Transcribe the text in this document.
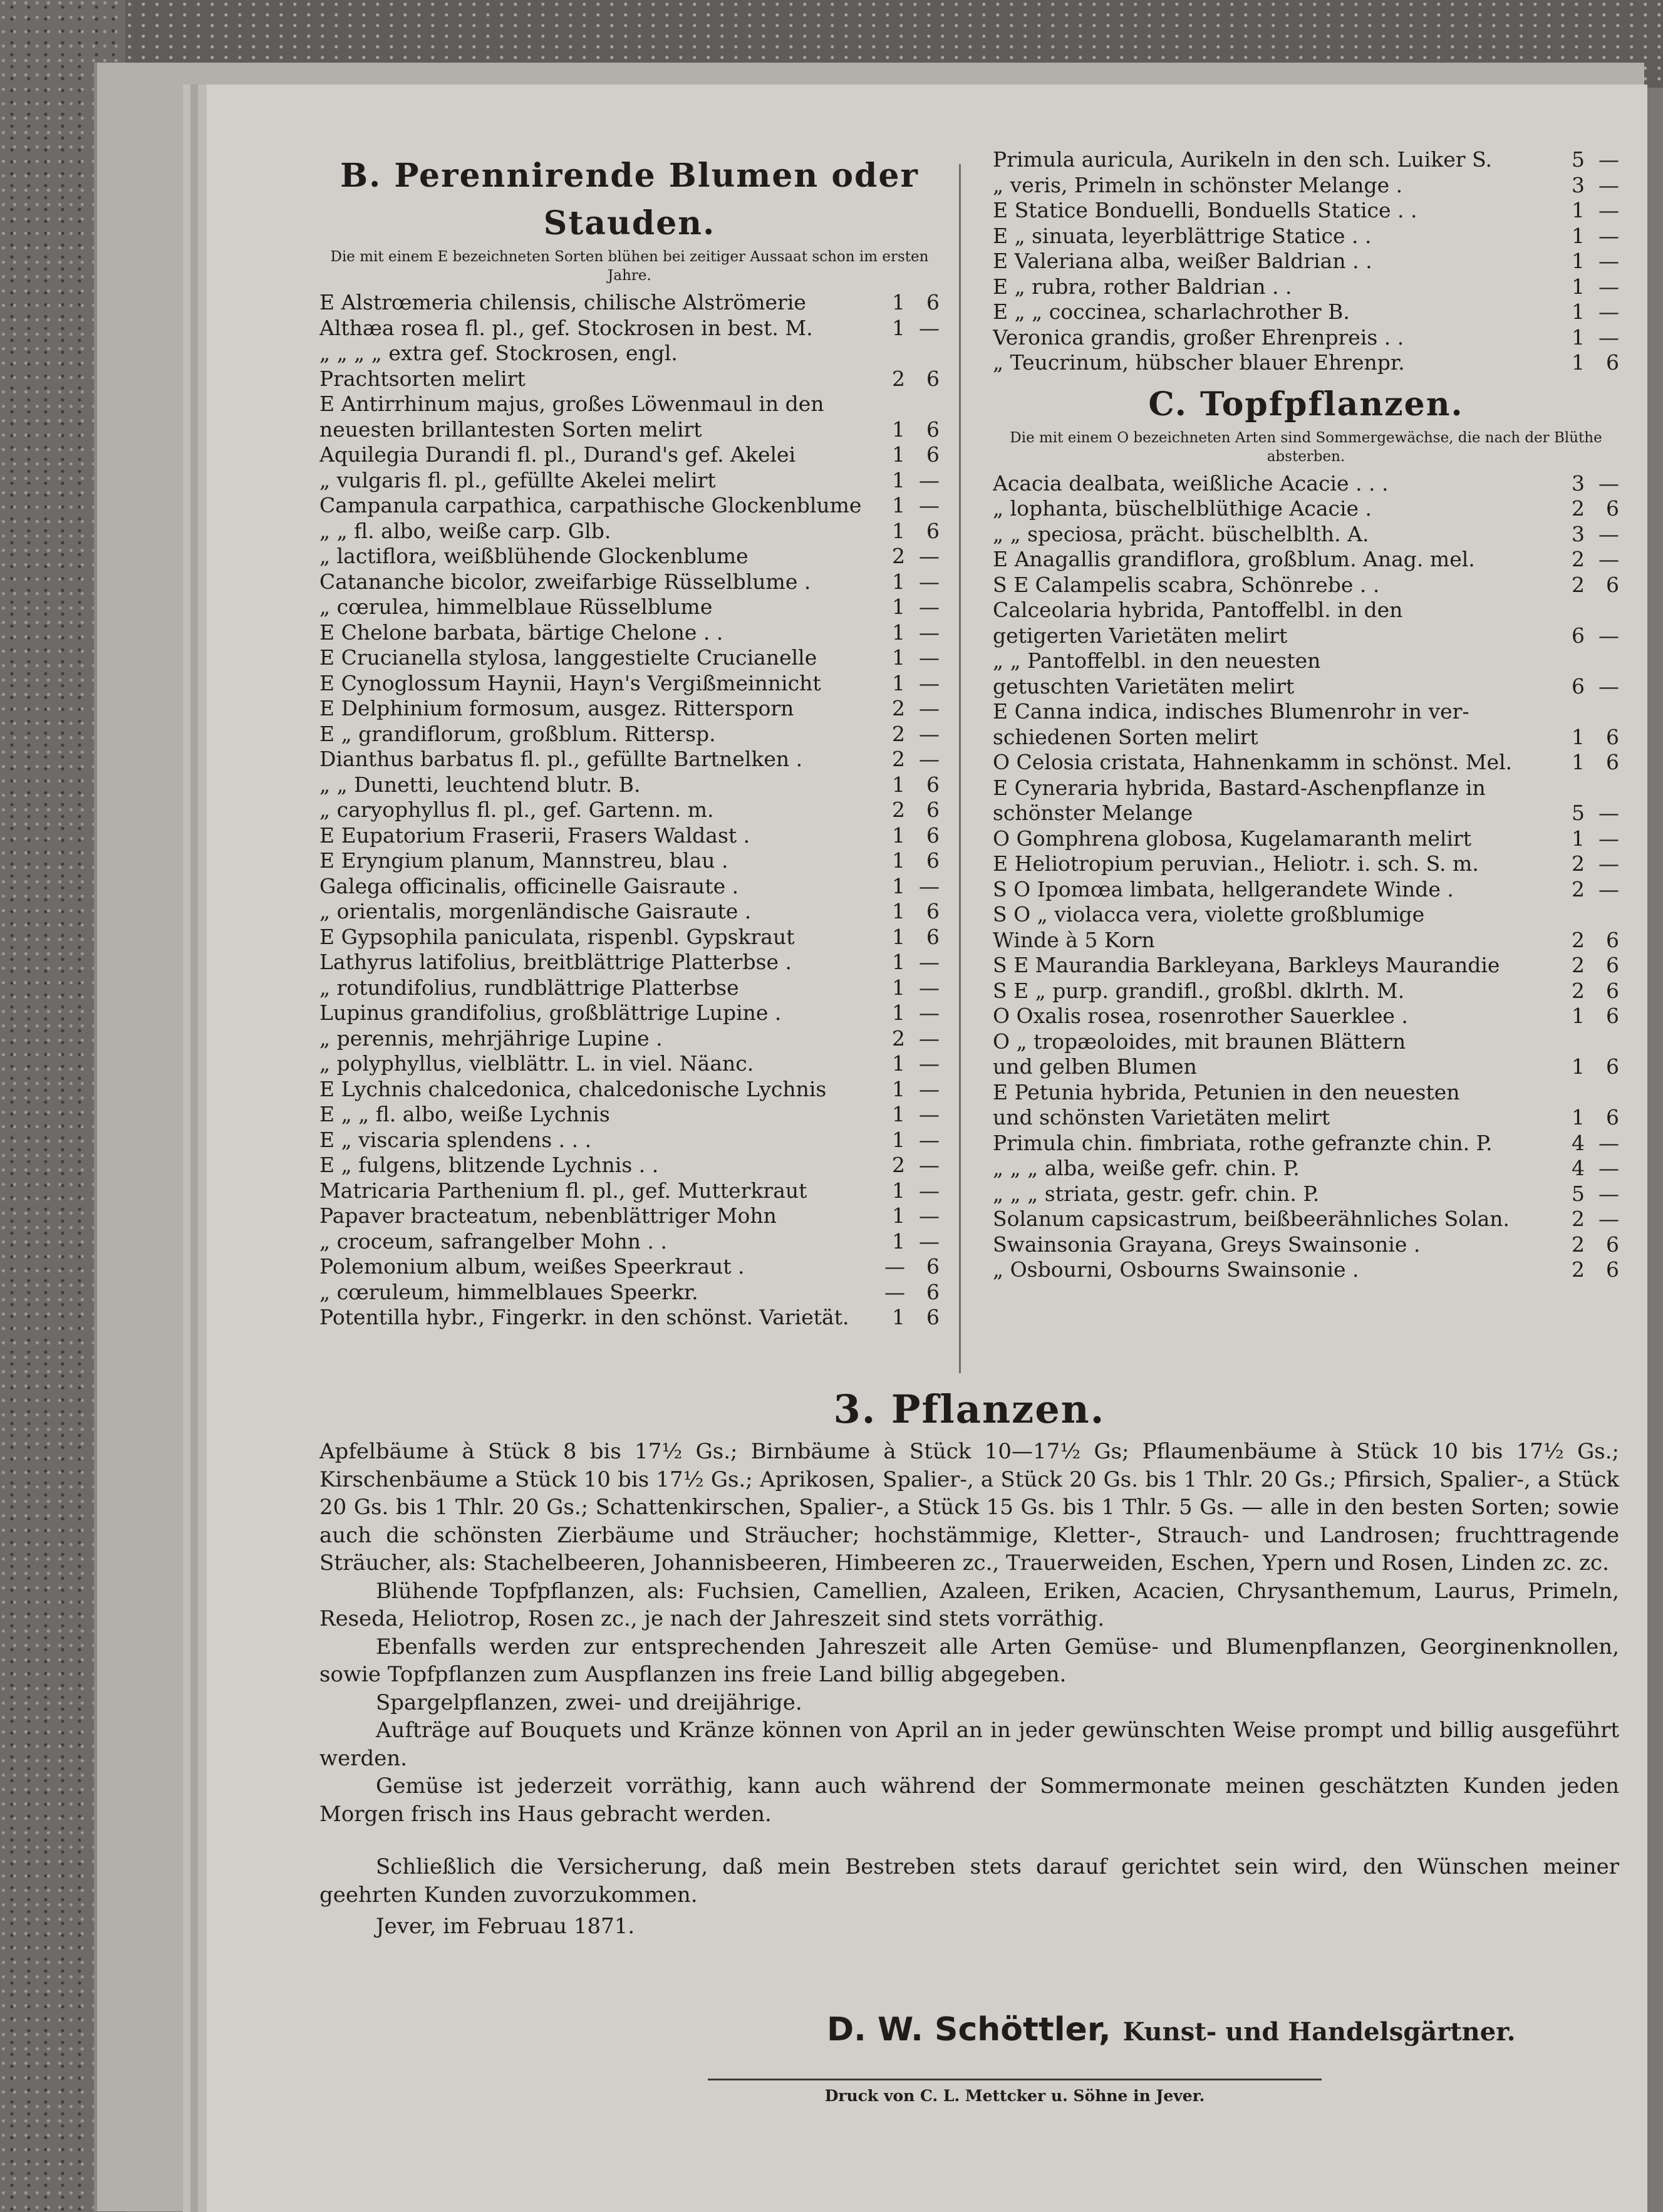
B. Perennirende Blumen oder Stauden.
Die mit einem E bezeichneten Sorten blühen bei zeitiger Aussaat schon im ersten Jahre.
E Alstrœmeria chilensis, chilische Alströmerie	1	6
Althæa rosea fl. pl., gef. Stockrosen in best. M.	1 —
„ „ „ „ extra gef. Stockrosen, engl.
Prachtsorten melirt	2	6
E Antirrhinum majus, großes Löwenmaul in den
neuesten brillantesten Sorten melirt	1	6
Aquilegia Durandi fl. pl., Durand's gef. Akelei	1	6
„ vulgaris fl. pl., gefüllte Akelei melirt	1 —
Campanula carpathica, carpathische Glockenblume	1 —
„ „ fl. albo, weiße carp. Glb.	1	6
„ lactiflora, weißblühende Glockenblume	2 —
Catananche bicolor, zweifarbige Rüsselblume .	1 —
„ cœrulea, himmelblaue Rüsselblume	1 —
E Chelone barbata, bärtige Chelone . .	1 —
E Crucianella stylosa, langgestielte Crucianelle	1 —
E Cynoglossum Haynii, Hayn's Vergißmeinnicht	1 —
E Delphinium formosum, ausgez. Rittersporn	2 —
E „ grandiflorum, großblum. Rittersp.	2 —
Dianthus barbatus fl. pl., gefüllte Bartnelken .	2 —
„ „ Dunetti, leuchtend blutr. B.	1	6
„ caryophyllus fl. pl., gef. Gartenn. m.	2	6
E Eupatorium Fraserii, Frasers Waldast .	1	6
E Eryngium planum, Mannstreu, blau .	1	6
Galega officinalis, officinelle Gaisraute .	1 —
„ orientalis, morgenländische Gaisraute .	1	6
E Gypsophila paniculata, rispenbl. Gypskraut	1	6
Lathyrus latifolius, breitblättrige Platterbse .	1 —
„ rotundifolius, rundblättrige Platterbse	1 —
Lupinus grandifolius, großblättrige Lupine .	1 —
„ perennis, mehrjährige Lupine .	2 —
„ polyphyllus, vielblättr. L. in viel. Näanc.	1 —
E Lychnis chalcedonica, chalcedonische Lychnis	1 —
E „ „ fl. albo, weiße Lychnis	1 —
E „ viscaria splendens . . .	1 —
E „ fulgens, blitzende Lychnis . .	2 —
Matricaria Parthenium fl. pl., gef. Mutterkraut	1 —
Papaver bracteatum, nebenblättriger Mohn	1 —
„ croceum, safrangelber Mohn . .	1 —
Polemonium album, weißes Speerkraut .	—	6
„ cœruleum, himmelblaues Speerkr.	—	6
Potentilla hybr., Fingerkr. in den schönst. Varietät.	1	6
Primula auricula, Aurikeln in den sch. Luiker S.	5 —
„ veris, Primeln in schönster Melange .	3 —
E Statice Bonduelli, Bonduells Statice . .	1 —
E „ sinuata, leyerblättrige Statice . .	1 —
E Valeriana alba, weißer Baldrian . .	1 —
E „ rubra, rother Baldrian . .	1 —
E „ „ coccinea, scharlachrother B.	1 —
Veronica grandis, großer Ehrenpreis . .	1 —
„ Teucrinum, hübscher blauer Ehrenpr.	1	6
C. Topfpflanzen.
Die mit einem O bezeichneten Arten sind Sommergewächse, die nach der Blüthe absterben.
Acacia dealbata, weißliche Acacie . . .	3 —
„ lophanta, büschelblüthige Acacie .	2	6
„ „ speciosa, prächt. büschelblth. A.	3 —
E Anagallis grandiflora, großblum. Anag. mel.	2 —
S E Calampelis scabra, Schönrebe . .	2	6
Calceolaria hybrida, Pantoffelbl. in den
getigerten Varietäten melirt	6 —
„ „ Pantoffelbl. in den neuesten
getuschten Varietäten melirt	6 —
E Canna indica, indisches Blumenrohr in ver-
schiedenen Sorten melirt	1	6
O Celosia cristata, Hahnenkamm in schönst. Mel.	1	6
E Cyneraria hybrida, Bastard-Aschenpflanze in
schönster Melange	5 —
O Gomphrena globosa, Kugelamaranth melirt	1 —
E Heliotropium peruvian., Heliotr. i. sch. S. m.	2 —
S O Ipomœa limbata, hellgerandete Winde .	2 —
S O „ violacca vera, violette großblumige
Winde à 5 Korn	2	6
S E Maurandia Barkleyana, Barkleys Maurandie	2	6
S E „ purp. grandifl., großbl. dklrth. M.	2	6
O Oxalis rosea, rosenrother Sauerklee .	1	6
O „ tropæoloides, mit braunen Blättern
und gelben Blumen	1	6
E Petunia hybrida, Petunien in den neuesten
und schönsten Varietäten melirt	1	6
Primula chin. fimbriata, rothe gefranzte chin. P.	4 —
„ „ „ alba, weiße gefr. chin. P.	4 —
„ „ „ striata, gestr. gefr. chin. P.	5 —
Solanum capsicastrum, beißbeerähnliches Solan.	2 —
Swainsonia Grayana, Greys Swainsonie .	2	6
„ Osbourni, Osbourns Swainsonie .	2	6
3. Pflanzen.

Apfelbäume à Stück 8 bis 17½ Gs.; Birnbäume à Stück 10—17½ Gs; Pflaumenbäume à Stück 10 bis 17½ Gs.; Kirschenbäume a Stück 10 bis 17½ Gs.; Aprikosen, Spalier-, a Stück 20 Gs. bis 1 Thlr. 20 Gs.; Pfirsich, Spalier-, a Stück 20 Gs. bis 1 Thlr. 20 Gs.; Schattenkirschen, Spalier-, a Stück 15 Gs. bis 1 Thlr. 5 Gs. — alle in den besten Sorten; sowie auch die schönsten Zierbäume und Sträucher; hochstämmige, Kletter-, Strauch- und Landrosen; fruchttragende Sträucher, als: Stachelbeeren, Johannisbeeren, Himbeeren zc., Trauerweiden, Eschen, Ypern und Rosen, Linden zc. zc.

Blühende Topfpflanzen, als: Fuchsien, Camellien, Azaleen, Eriken, Acacien, Chrysanthemum, Laurus, Primeln, Reseda, Heliotrop, Rosen zc., je nach der Jahreszeit sind stets vorräthig.

Ebenfalls werden zur entsprechenden Jahreszeit alle Arten Gemüse- und Blumenpflanzen, Georginenknollen, sowie Topfpflanzen zum Auspflanzen ins freie Land billig abgegeben.

Spargelpflanzen, zwei- und dreijährige.

Aufträge auf Bouquets und Kränze können von April an in jeder gewünschten Weise prompt und billig ausgeführt werden.

Gemüse ist jederzeit vorräthig, kann auch während der Sommermonate meinen geschätzten Kunden jeden Morgen frisch ins Haus gebracht werden.

Schließlich die Versicherung, daß mein Bestreben stets darauf gerichtet sein wird, den Wünschen meiner geehrten Kunden zuvorzukommen.

Jever, im Februau 1871.
D. W. Schöttler, Kunst- und Handelsgärtner.
Druck von C. L. Mettcker u. Söhne in Jever.
